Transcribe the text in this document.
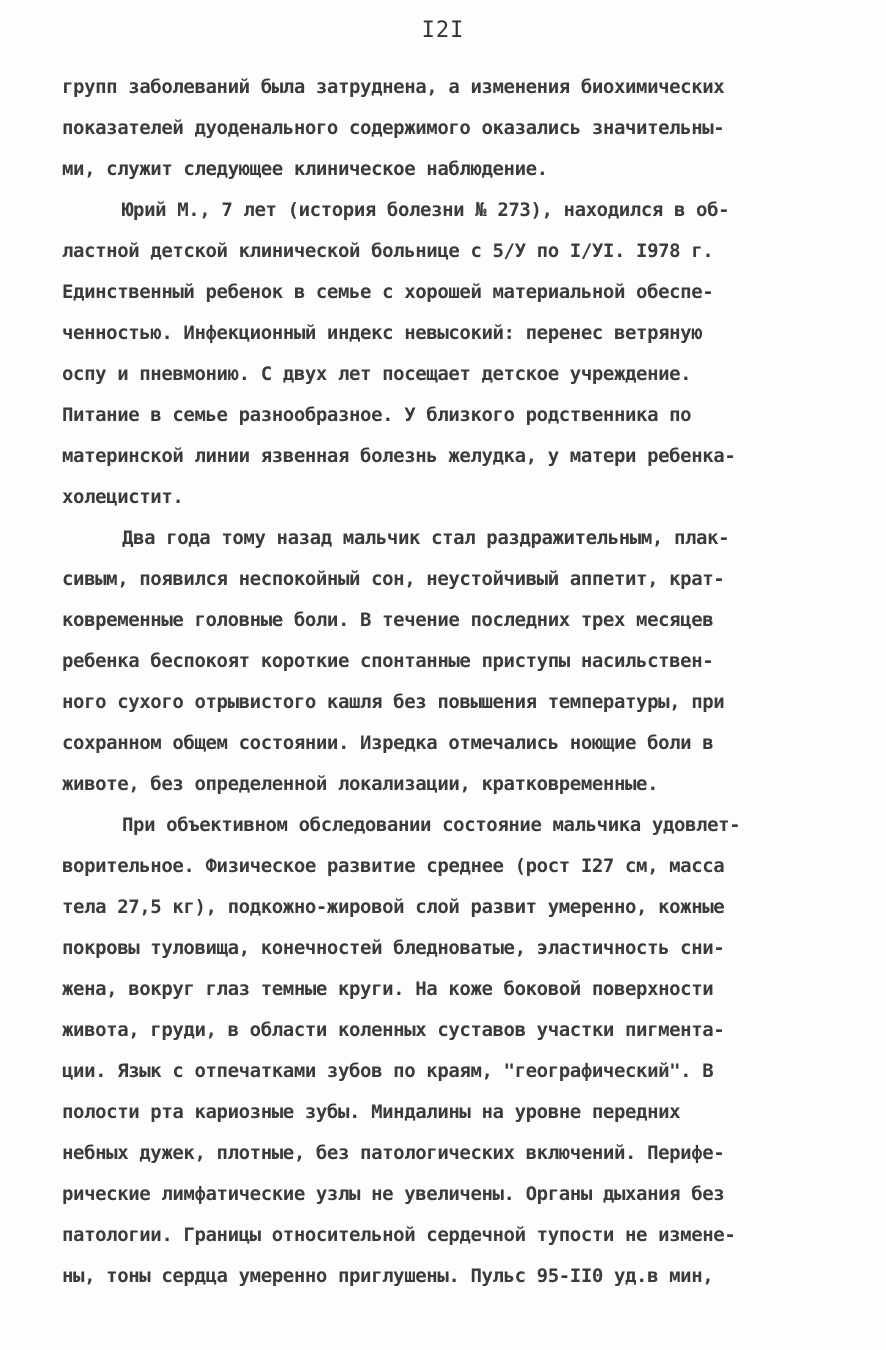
I2I
групп заболеваний была затруднена, а изменения биохимических
показателей дуоденального содержимого оказались значительны-
ми, служит следующее клиническое наблюдение.
Юрий М., 7 лет (история болезни № 273), находился в об-
ластной детской клинической больнице с 5/У по I/УI. I978 г.
Единственный ребенок в семье с хорошей материальной обеспе-
ченностью. Инфекционный индекс невысокий: перенес ветряную
оспу и пневмонию. С двух лет посещает детское учреждение.
Питание в семье разнообразное. У близкого родственника по
материнской линии язвенная болезнь желудка, у матери ребенка-
холецистит.
Два года тому назад мальчик стал раздражительным, плак-
сивым, появился неспокойный сон, неустойчивый аппетит, крат-
ковременные головные боли. В течение последних трех месяцев
ребенка беспокоят короткие спонтанные приступы насильствен-
ного сухого отрывистого кашля без повышения температуры, при
сохранном общем состоянии. Изредка отмечались ноющие боли в
животе, без определенной локализации, кратковременные.
При объективном обследовании состояние мальчика удовлет-
ворительное. Физическое развитие среднее (рост I27 см, масса
тела 27,5 кг), подкожно-жировой слой развит умеренно, кожные
покровы туловища, конечностей бледноватые, эластичность сни-
жена, вокруг глаз темные круги. На коже боковой поверхности
живота, груди, в области коленных суставов участки пигмента-
ции. Язык с отпечатками зубов по краям, "географический". В
полости рта кариозные зубы. Миндалины на уровне передних
небных дужек, плотные, без патологических включений. Перифе-
рические лимфатические узлы не увеличены. Органы дыхания без
патологии. Границы относительной сердечной тупости не измене-
ны, тоны сердца умеренно приглушены. Пульс 95-II0 уд.в мин,
